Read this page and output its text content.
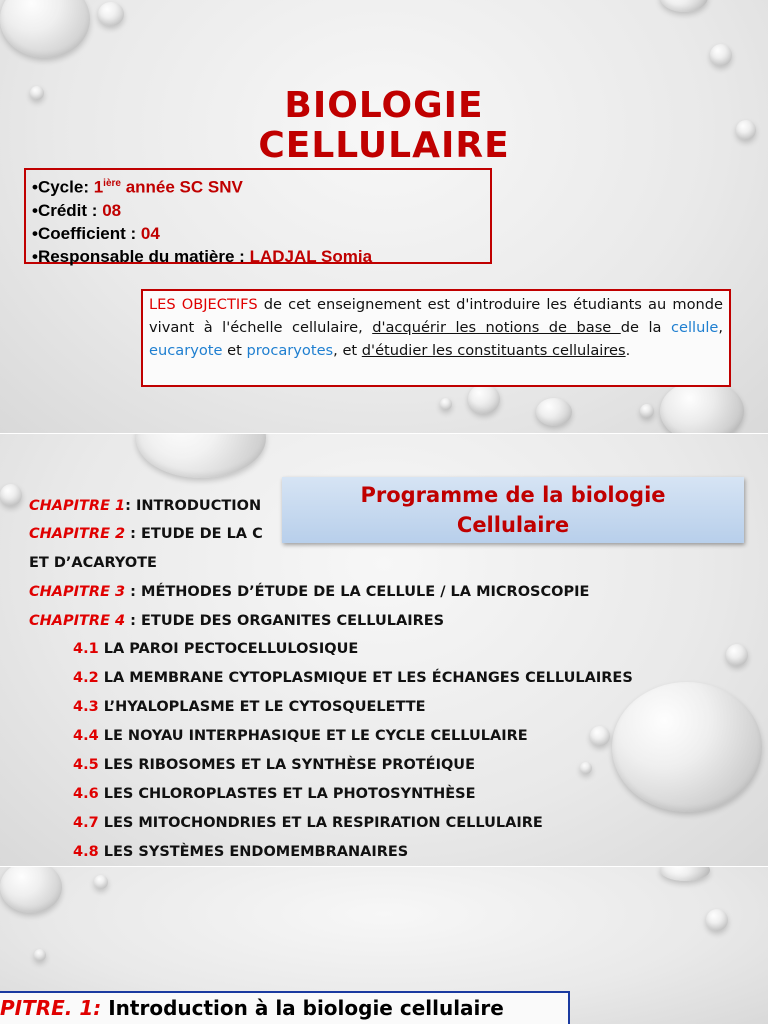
BIOLOGIE
CELLULAIRE
•Cycle: $1^{ière}$ année SC SNV
•Crédit : 08
•Coefficient : 04
•Responsable du matière : LADJAL Somia
LES OBJECTIFS de cet enseignement est d'introduire les étudiants au monde vivant à l'échelle cellulaire, d'acquérir les notions de base de la cellule, eucaryote et procaryotes, et d'étudier les constituants cellulaires.
Programme de la biologie
Cellulaire
CHAPITRE 1: INTRODUCTION
CHAPITRE 2 : ETUDE DE LA C
ET D’ACARYOTE
CHAPITRE 3 : MÉTHODES D’ÉTUDE DE LA CELLULE / LA MICROSCOPIE
CHAPITRE 4 : ETUDE DES ORGANITES CELLULAIRES
4.1 LA PAROI PECTOCELLULOSIQUE
4.2 LA MEMBRANE CYTOPLASMIQUE ET LES ÉCHANGES CELLULAIRES
4.3 L’HYALOPLASME ET LE CYTOSQUELETTE
4.4 LE NOYAU INTERPHASIQUE ET LE CYCLE CELLULAIRE
4.5 LES RIBOSOMES ET LA SYNTHÈSE PROTÉIQUE
4.6 LES CHLOROPLASTES ET LA PHOTOSYNTHÈSE
4.7 LES MITOCHONDRIES ET LA RESPIRATION CELLULAIRE
4.8 LES SYSTÈMES ENDOMEMBRANAIRES
PITRE. 1: Introduction à la biologie cellulaire
